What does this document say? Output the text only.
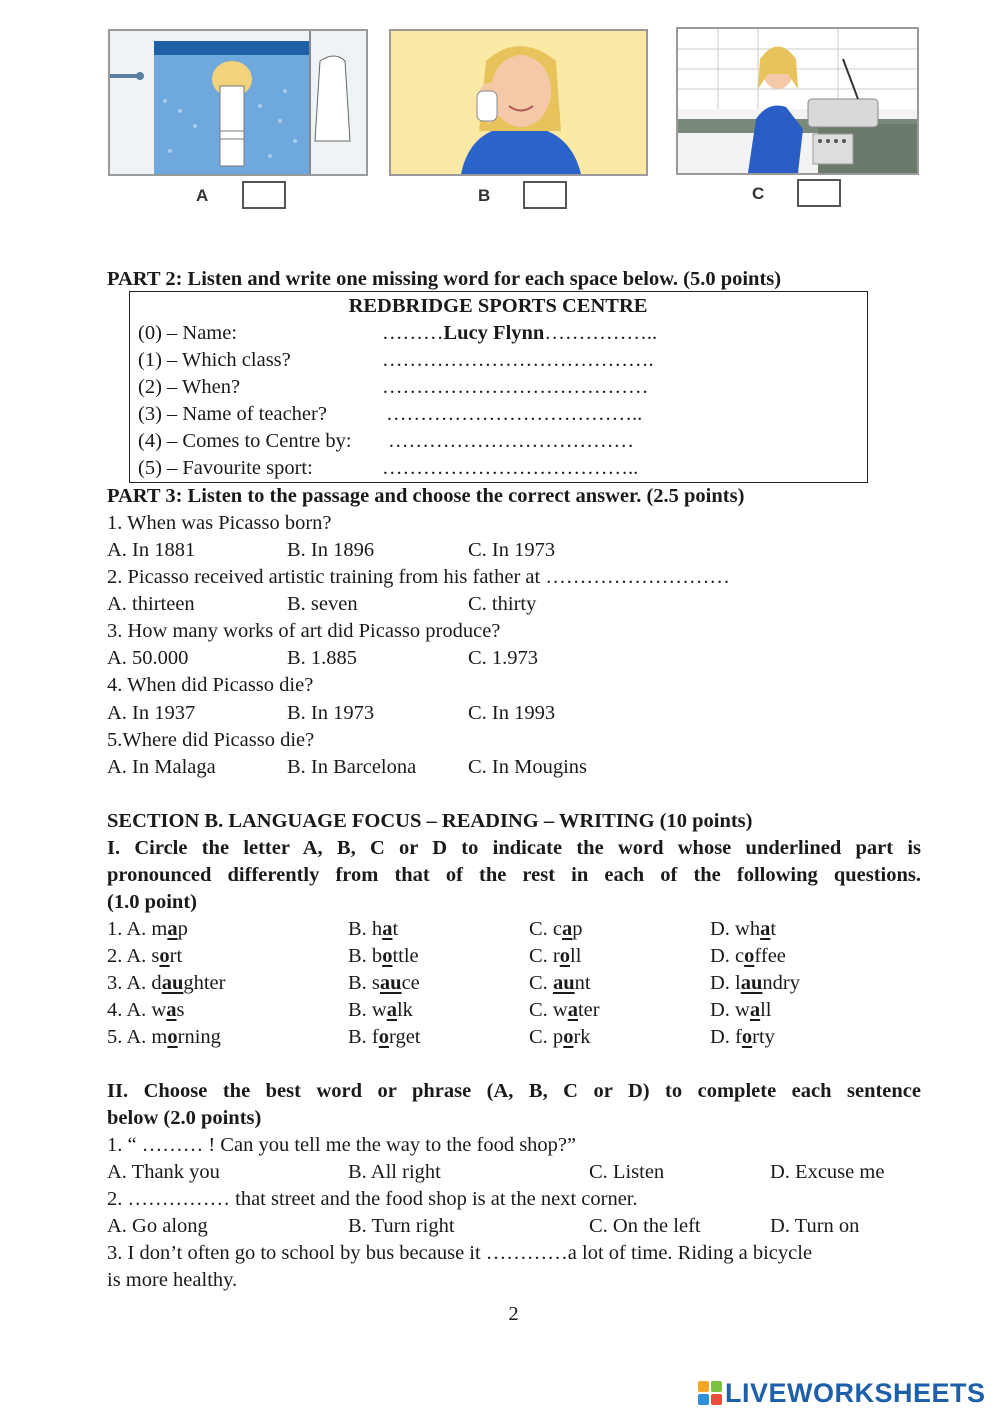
A	B	C
PART 2: Listen and write one missing word for each space below. (5.0 points)
REDBRIDGE SPORTS CENTRE
(0) – Name:	………Lucy Flynn……………..
(1) – Which class?	………………………………….
(2) – When?	…………………………………
(3) – Name of teacher?	………………………………..
(4) – Comes to Centre by: ………………………………
(5) – Favourite sport:	………………………………..
PART 3: Listen to the passage and choose the correct answer. (2.5 points)
1. When was Picasso born?
A. In 1881	B. In 1896	C. In 1973
2. Picasso received artistic training from his father at ………………………
A. thirteen	B. seven	C. thirty
3. How many works of art did Picasso produce?
A. 50.000	B. 1.885	C. 1.973
4. When did Picasso die?
A. In 1937	B. In 1973	C. In 1993
5.Where did Picasso die?
A. In Malaga	B. In Barcelona	C. In Mougins
SECTION B. LANGUAGE FOCUS – READING – WRITING (10 points)
I. Circle the letter A, B, C or D to indicate the word whose underlined part is
pronounced differently from that of the rest in each of the following questions.
(1.0 point)
1. A. map	B. hat	C. cap	D. what
2. A. sort	B. bottle	C. roll	D. coffee
3. A. daughter	B. sauce	C. aunt	D. laundry
4. A. was	B. walk	C. water	D. wall
5. A. morning	B. forget	C. pork	D. forty
II. Choose the best word or phrase (A, B, C or D) to complete each sentence
below (2.0 points)
1. “ ……… ! Can you tell me the way to the food shop?”
A. Thank you	B. All right	C. Listen	D. Excuse me
2. …………… that street and the food shop is at the next corner.
A. Go along	B. Turn right	C. On the left	D. Turn on
3. I don’t often go to school by bus because it …………a lot of time. Riding a bicycle
is more healthy.
2
LIVEWORKSHEETS
